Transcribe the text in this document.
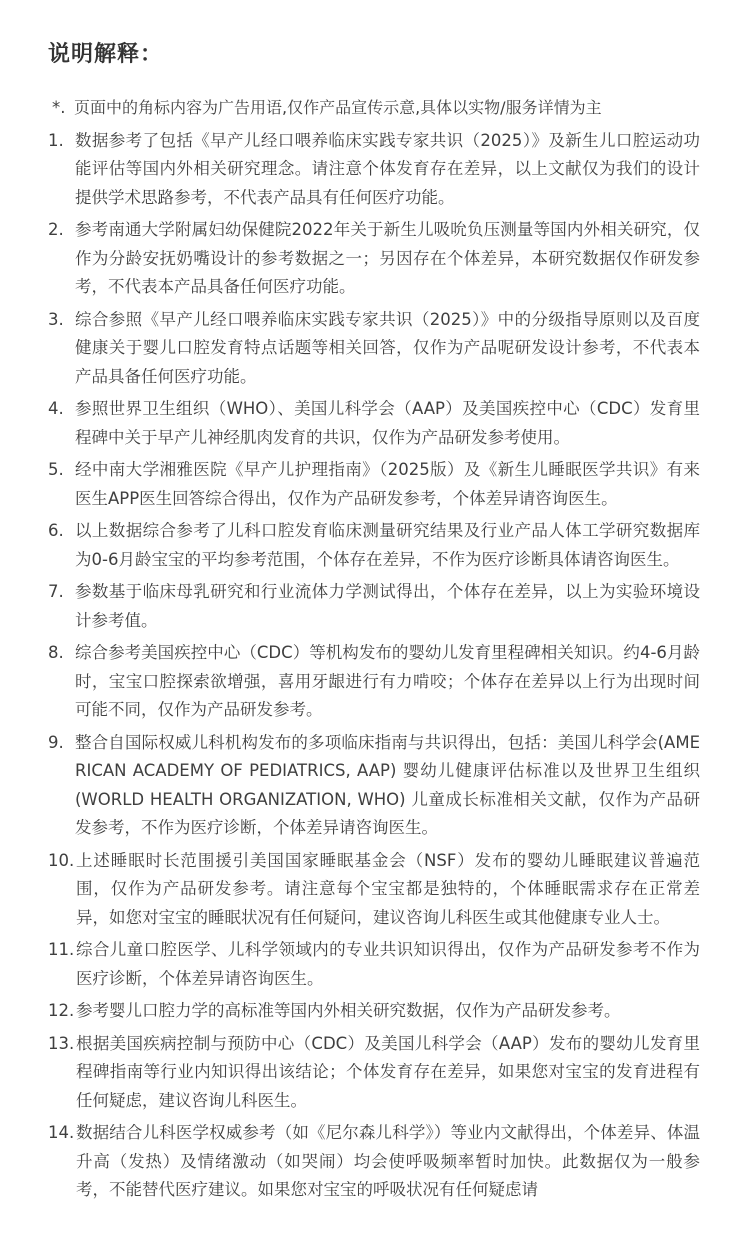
说明解释：
*. 页面中的角标内容为广告用语,仅作产品宣传示意,具体以实物/服务详情为主
1. 数据参考了包括《早产儿经口喂养临床实践专家共识（2025）》及新生儿口腔运动功能评估等国内外相关研究理念。请注意个体发育存在差异，以上文献仅为我们的设计提供学术思路参考，不代表产品具有任何医疗功能。
2. 参考南通大学附属妇幼保健院2022年关于新生儿吸吮负压测量等国内外相关研究，仅作为分龄安抚奶嘴设计的参考数据之一；另因存在个体差异，本研究数据仅作研发参考，不代表本产品具备任何医疗功能。
3. 综合参照《早产儿经口喂养临床实践专家共识（2025）》中的分级指导原则以及百度健康关于婴儿口腔发育特点话题等相关回答，仅作为产品呢研发设计参考，不代表本产品具备任何医疗功能。
4. 参照世界卫生组织（WHO）、美国儿科学会（AAP）及美国疾控中心（CDC）发育里程碑中关于早产儿神经肌肉发育的共识，仅作为产品研发参考使用。
5. 经中南大学湘雅医院《早产儿护理指南》（2025版）及《新生儿睡眠医学共识》有来医生APP医生回答综合得出，仅作为产品研发参考，个体差异请咨询医生。
6. 以上数据综合参考了儿科口腔发育临床测量研究结果及行业产品人体工学研究数据库为0-6月龄宝宝的平均参考范围，个体存在差异，不作为医疗诊断具体请咨询医生。
7. 参数基于临床母乳研究和行业流体力学测试得出，个体存在差异，以上为实验环境设计参考值。
8. 综合参考美国疾控中心（CDC）等机构发布的婴幼儿发育里程碑相关知识。约4-6月龄时，宝宝口腔探索欲增强，喜用牙龈进行有力啃咬；个体存在差异以上行为出现时间可能不同，仅作为产品研发参考。
9. 整合自国际权威儿科机构发布的多项临床指南与共识得出，包括：美国儿科学会(AMERICAN ACADEMY OF PEDIATRICS, AAP) 婴幼儿健康评估标准以及世界卫生组织 (WORLD HEALTH ORGANIZATION, WHO) 儿童成长标准相关文献，仅作为产品研发参考，不作为医疗诊断，个体差异请咨询医生。
10. 上述睡眠时长范围援引美国国家睡眠基金会（NSF）发布的婴幼儿睡眠建议普遍范围，仅作为产品研发参考。请注意每个宝宝都是独特的，个体睡眠需求存在正常差异，如您对宝宝的睡眠状况有任何疑问，建议咨询儿科医生或其他健康专业人士。
11. 综合儿童口腔医学、儿科学领域内的专业共识知识得出，仅作为产品研发参考不作为医疗诊断，个体差异请咨询医生。
12. 参考婴儿口腔力学的高标准等国内外相关研究数据，仅作为产品研发参考。
13. 根据美国疾病控制与预防中心（CDC）及美国儿科学会（AAP）发布的婴幼儿发育里程碑指南等行业内知识得出该结论；个体发育存在差异，如果您对宝宝的发育进程有任何疑虑，建议咨询儿科医生。
14. 数据结合儿科医学权威参考（如《尼尔森儿科学》）等业内文献得出，个体差异、体温升高（发热）及情绪激动（如哭闹）均会使呼吸频率暂时加快。此数据仅为一般参考，不能替代医疗建议。如果您对宝宝的呼吸状况有任何疑虑请
